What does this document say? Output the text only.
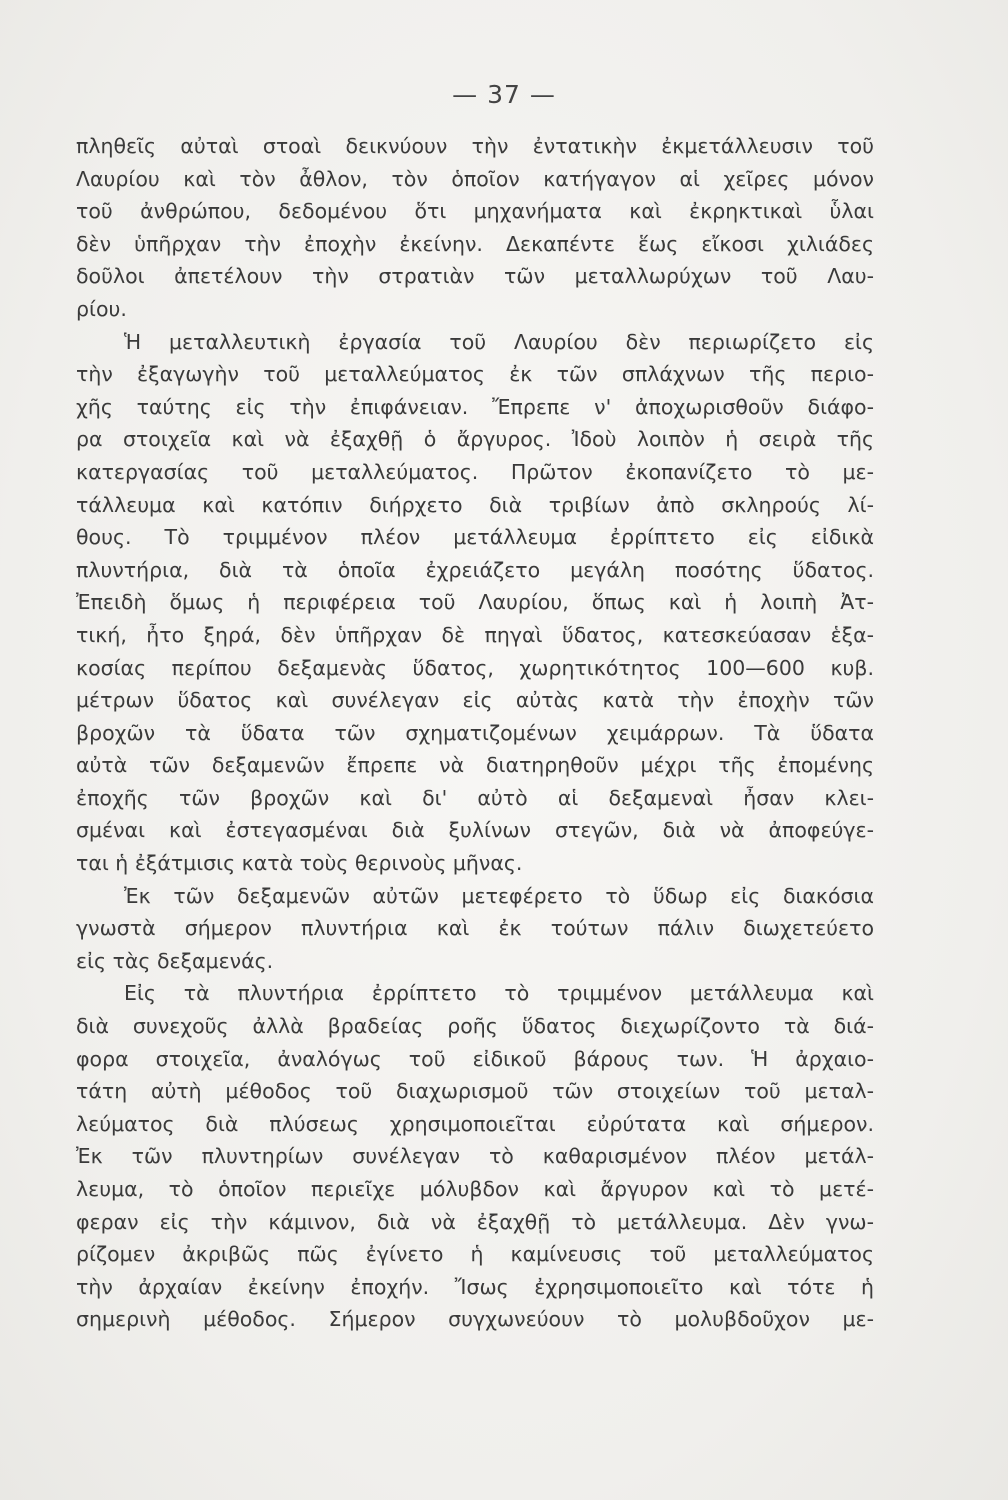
— 37 —
πληθεῖς αὐταὶ στοαὶ δεικνύουν τὴν ἐντατικὴν ἐκμετάλλευσιν τοῦ
Λαυρίου καὶ τὸν ἆθλον, τὸν ὁποῖον κατήγαγον αἱ χεῖρες μόνον
τοῦ ἀνθρώπου, δεδομένου ὅτι μηχανήματα καὶ ἐκρηκτικαὶ ὗλαι
δὲν ὑπῆρχαν τὴν ἐποχὴν ἐκείνην. Δεκαπέντε ἕως εἴκοσι χιλιάδες
δοῦλοι ἀπετέλουν τὴν στρατιὰν τῶν μεταλλωρύχων τοῦ Λαυ-
ρίου.
Ἡ μεταλλευτικὴ ἐργασία τοῦ Λαυρίου δὲν περιωρίζετο εἰς
τὴν ἐξαγωγὴν τοῦ μεταλλεύματος ἐκ τῶν σπλάχνων τῆς περιο-
χῆς ταύτης εἰς τὴν ἐπιφάνειαν. Ἔπρεπε ν' ἀποχωρισθοῦν διάφο-
ρα στοιχεῖα καὶ νὰ ἐξαχθῇ ὁ ἄργυρος. Ἰδοὺ λοιπὸν ἡ σειρὰ τῆς
κατεργασίας τοῦ μεταλλεύματος. Πρῶτον ἐκοπανίζετο τὸ με-
τάλλευμα καὶ κατόπιν διήρχετο διὰ τριβίων ἀπὸ σκληρούς λί-
θους. Τὸ τριμμένον πλέον μετάλλευμα ἐρρίπτετο εἰς εἰδικὰ
πλυντήρια, διὰ τὰ ὁποῖα ἐχρειάζετο μεγάλη ποσότης ὕδατος.
Ἐπειδὴ ὅμως ἡ περιφέρεια τοῦ Λαυρίου, ὅπως καὶ ἡ λοιπὴ Ἀτ-
τική, ἦτο ξηρά, δὲν ὑπῆρχαν δὲ πηγαὶ ὕδατος, κατεσκεύασαν ἑξα-
κοσίας περίπου δεξαμενὰς ὕδατος, χωρητικότητος 100—600 κυβ.
μέτρων ὕδατος καὶ συνέλεγαν εἰς αὐτὰς κατὰ τὴν ἐποχὴν τῶν
βροχῶν τὰ ὕδατα τῶν σχηματιζομένων χειμάρρων. Τὰ ὕδατα
αὐτὰ τῶν δεξαμενῶν ἔπρεπε νὰ διατηρηθοῦν μέχρι τῆς ἐπομένης
ἐποχῆς τῶν βροχῶν καὶ δι' αὐτὸ αἱ δεξαμεναὶ ἦσαν κλει-
σμέναι καὶ ἐστεγασμέναι διὰ ξυλίνων στεγῶν, διὰ νὰ ἀποφεύγε-
ται ἡ ἐξάτμισις κατὰ τοὺς θερινοὺς μῆνας.
Ἐκ τῶν δεξαμενῶν αὐτῶν μετεφέρετο τὸ ὕδωρ εἰς διακόσια
γνωστὰ σήμερον πλυντήρια καὶ ἐκ τούτων πάλιν διωχετεύετο
εἰς τὰς δεξαμενάς.
Εἰς τὰ πλυντήρια ἐρρίπτετο τὸ τριμμένον μετάλλευμα καὶ
διὰ συνεχοῦς ἀλλὰ βραδείας ροῆς ὕδατος διεχωρίζοντο τὰ διά-
φορα στοιχεῖα, ἀναλόγως τοῦ εἰδικοῦ βάρους των. Ἡ ἀρχαιο-
τάτη αὐτὴ μέθοδος τοῦ διαχωρισμοῦ τῶν στοιχείων τοῦ μεταλ-
λεύματος διὰ πλύσεως χρησιμοποιεῖται εὐρύτατα καὶ σήμερον.
Ἐκ τῶν πλυντηρίων συνέλεγαν τὸ καθαρισμένον πλέον μετάλ-
λευμα, τὸ ὁποῖον περιεῖχε μόλυβδον καὶ ἄργυρον καὶ τὸ μετέ-
φεραν εἰς τὴν κάμινον, διὰ νὰ ἐξαχθῇ τὸ μετάλλευμα. Δὲν γνω-
ρίζομεν ἀκριβῶς πῶς ἐγίνετο ἡ καμίνευσις τοῦ μεταλλεύματος
τὴν ἀρχαίαν ἐκείνην ἐποχήν. Ἴσως ἐχρησιμοποιεῖτο καὶ τότε ἡ
σημερινὴ μέθοδος. Σήμερον συγχωνεύουν τὸ μολυβδοῦχον με-
